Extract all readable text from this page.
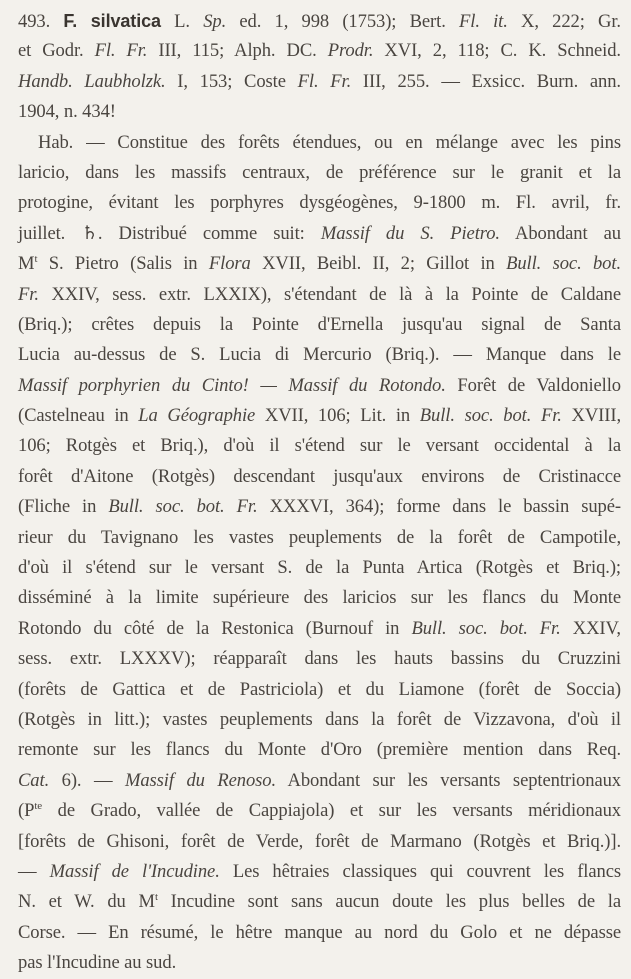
493. F. silvatica L. Sp. ed. 1, 998 (1753); Bert. Fl. it. X, 222; Gr.
et Godr. Fl. Fr. III, 115; Alph. DC. Prodr. XVI, 2, 118; C. K. Schneid.
Handb. Laubholzk. I, 153; Coste Fl. Fr. III, 255. — Exsicc. Burn. ann.
1904, n. 434!
Hab. — Constitue des forêts étendues, ou en mélange avec les pins
laricio, dans les massifs centraux, de préférence sur le granit et la
protogine, évitant les porphyres dysgéogènes, 9-1800 m. Fl. avril, fr.
juillet. ♄. Distribué comme suit: Massif du S. Pietro. Abondant au
$M^t$ S. Pietro (Salis in Flora XVII, Beibl. II, 2; Gillot in Bull. soc. bot.
Fr. XXIV, sess. extr. LXXIX), s'étendant de là à la Pointe de Caldane
(Briq.); crêtes depuis la Pointe d'Ernella jusqu'au signal de Santa
Lucia au-dessus de S. Lucia di Mercurio (Briq.). — Manque dans le
Massif porphyrien du Cinto! — Massif du Rotondo. Forêt de Valdoniello
(Castelneau in La Géographie XVII, 106; Lit. in Bull. soc. bot. Fr. XVIII,
106; Rotgès et Briq.), d'où il s'étend sur le versant occidental à la
forêt d'Aitone (Rotgès) descendant jusqu'aux environs de Cristinacce
(Fliche in Bull. soc. bot. Fr. XXXVI, 364); forme dans le bassin supé-
rieur du Tavignano les vastes peuplements de la forêt de Campotile,
d'où il s'étend sur le versant S. de la Punta Artica (Rotgès et Briq.);
disséminé à la limite supérieure des laricios sur les flancs du Monte
Rotondo du côté de la Restonica (Burnouf in Bull. soc. bot. Fr. XXIV,
sess. extr. LXXXV); réapparaît dans les hauts bassins du Cruzzini
(forêts de Gattica et de Pastriciola) et du Liamone (forêt de Soccia)
(Rotgès in litt.); vastes peuplements dans la forêt de Vizzavona, d'où il
remonte sur les flancs du Monte d'Oro (première mention dans Req.
Cat. 6). — Massif du Renoso. Abondant sur les versants septentrionaux
($P^{te}$ de Grado, vallée de Cappiajola) et sur les versants méridionaux
[forêts de Ghisoni, forêt de Verde, forêt de Marmano (Rotgès et Briq.)].
— Massif de l'Incudine. Les hêtraies classiques qui couvrent les flancs
N. et W. du $M^t$ Incudine sont sans aucun doute les plus belles de la
Corse. — En résumé, le hêtre manque au nord du Golo et ne dépasse
pas l'Incudine au sud.
